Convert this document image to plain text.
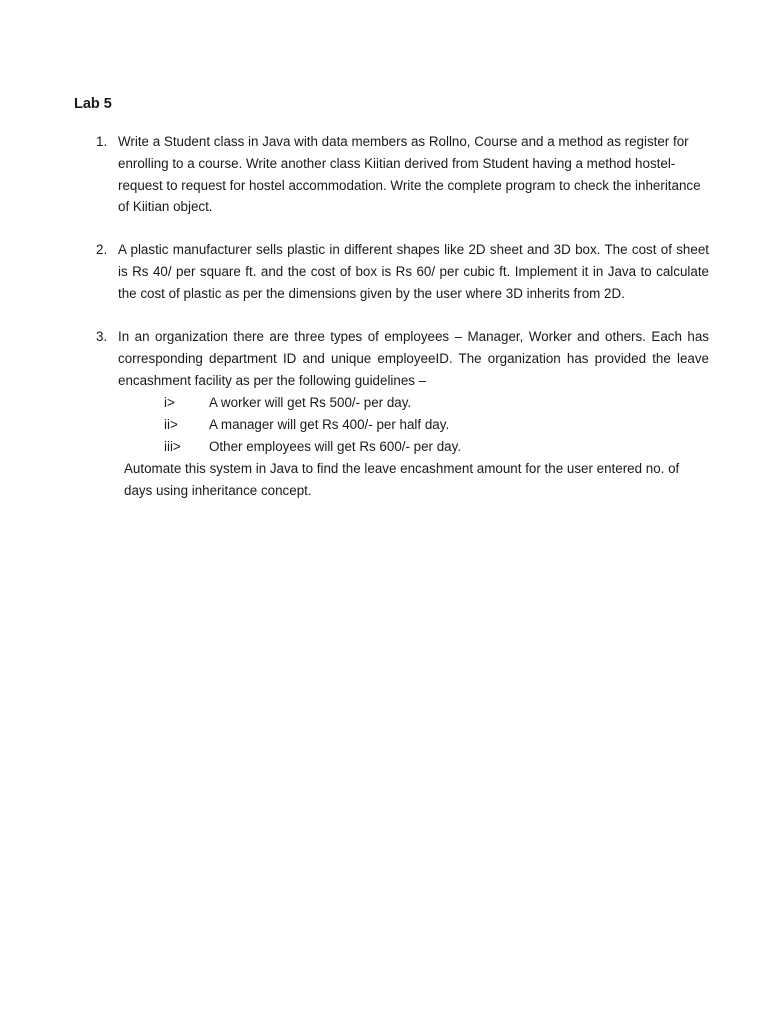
Lab 5
1. Write a Student class in Java with data members as Rollno, Course and a method as register for enrolling to a course. Write another class Kiitian derived from Student having a method hostel-request to request for hostel accommodation. Write the complete program to check the inheritance of Kiitian object.
2. A plastic manufacturer sells plastic in different shapes like 2D sheet and 3D box. The cost of sheet is Rs 40/ per square ft. and the cost of box is Rs 60/ per cubic ft. Implement it in Java to calculate the cost of plastic as per the dimensions given by the user where 3D inherits from 2D.
3. In an organization there are three types of employees – Manager, Worker and others. Each has corresponding department ID and unique employeeID. The organization has provided the leave encashment facility as per the following guidelines –
i>	A worker will get Rs 500/- per day.
ii> A manager will get Rs 400/- per half day.
iii> Other employees will get Rs 600/- per day.
Automate this system in Java to find the leave encashment amount for the user entered no. of days using inheritance concept.
